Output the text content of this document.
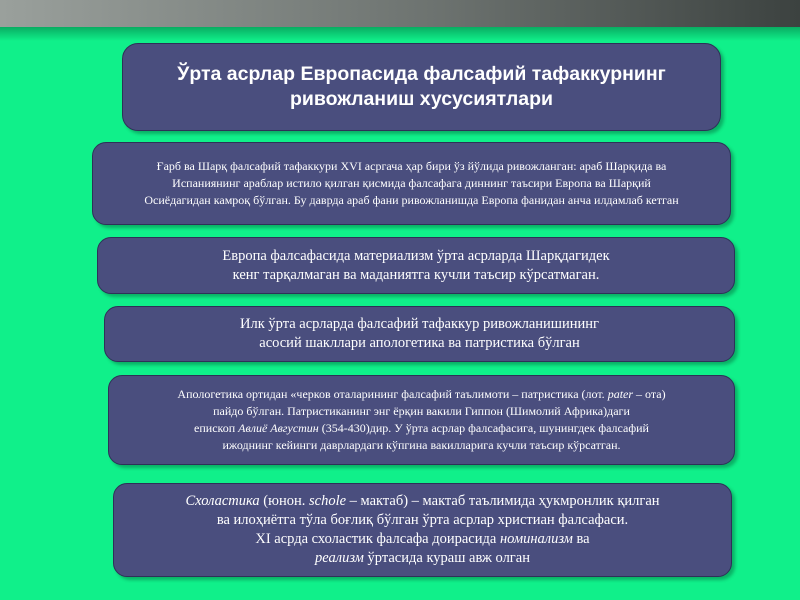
Ўрта асрлар Европасида фалсафий тафаккурнинг
ривожланиш хусусиятлари
Ғарб ва Шарқ фалсафий тафаккури XVI асргача ҳар бири ўз йўлида ривожланган: араб Шарқида ва
Испаниянинг араблар истило қилган қисмида фалсафага диннинг таъсири Европа ва Шарқий
Осиёдагидан камроқ бўлган. Бу даврда араб фани ривожланишда Европа фанидан анча илдамлаб кетган
Европа фалсафасида материализм ўрта асрларда Шарқдагидек
кенг тарқалмаган ва маданиятга кучли таъсир кўрсатмаган.
Илк ўрта асрларда фалсафий тафаккур ривожланишининг
асосий шакллари апологетика ва патристика бўлган
Апологетика ортидан «черков оталарининг фалсафий таълимоти – патристика (лот. pater – ота)
пайдо бўлган. Патристиканинг энг ёрқин вакили Гиппон (Шимолий Африка)даги
епископ Авлиё Августин (354-430)дир. У ўрта асрлар фалсафасига, шунингдек фалсафий
ижоднинг кейинги даврлардаги кўпгина вакилларига кучли таъсир кўрсатган.
Схоластика (юнон. schole – мактаб) – мактаб таълимида ҳукмронлик қилган
ва илоҳиётга тўла боғлиқ бўлган ўрта асрлар христиан фалсафаси.
XI асрда схоластик фалсафа доирасида номинализм ва
реализм ўртасида кураш авж олган
